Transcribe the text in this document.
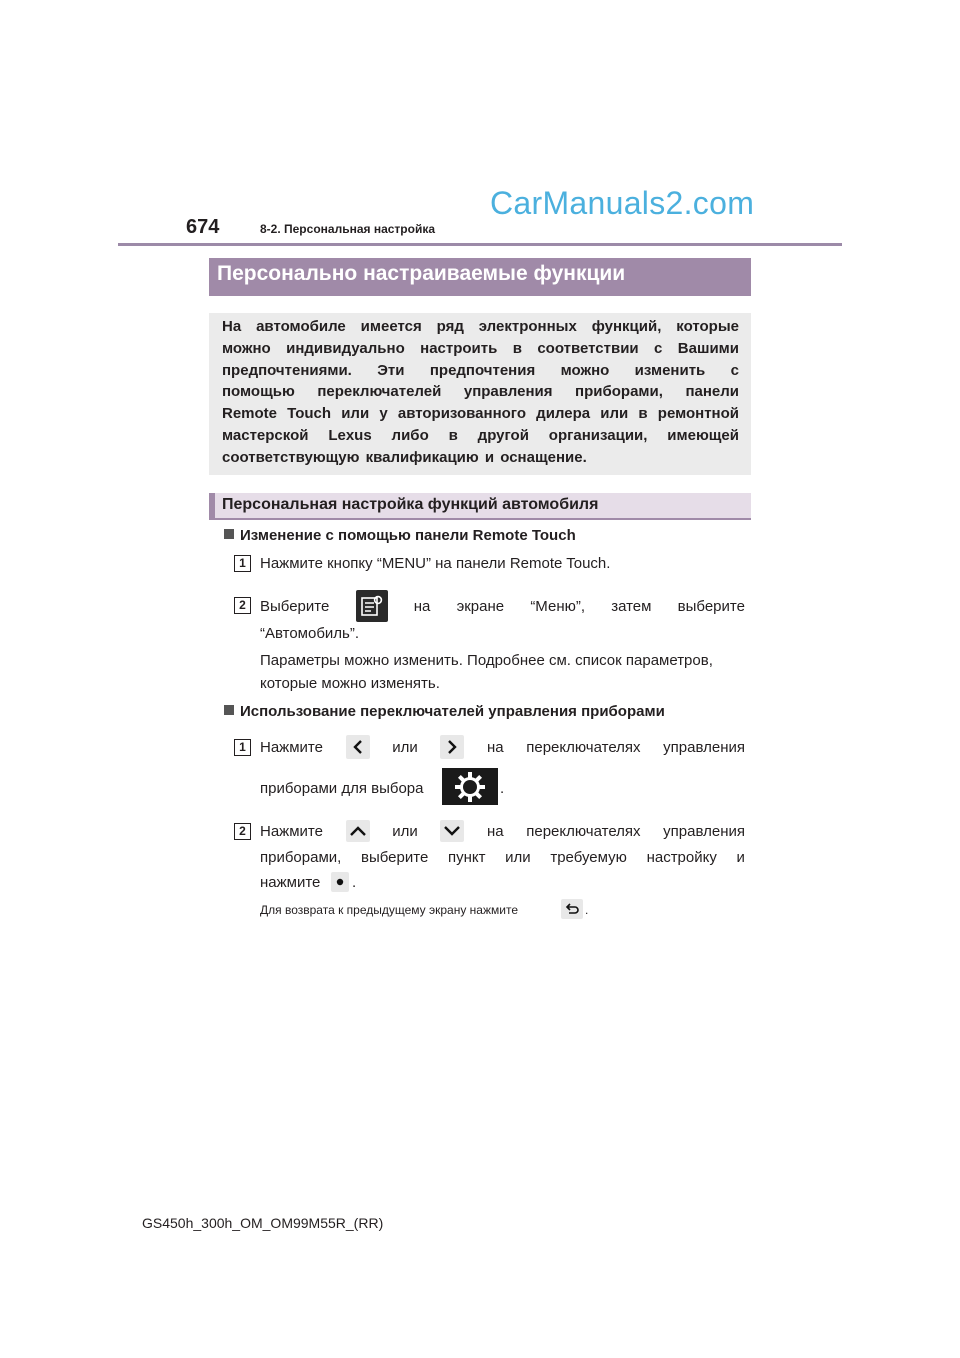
674	8-2. Персональная настройка
CarManuals2.com
Персонально настраиваемые функции
На автомобиле имеется ряд электронных функций, которые
можно индивидуально настроить в соответствии с Вашими
предпочтениями. Эти предпочтения можно изменить с
помощью переключателей управления приборами, панели
Remote Touch или у авторизованного дилера или в ремонтной
мастерской Lexus либо в другой организации, имеющей
соответствующую квалификацию и оснащение.
Персональная настройка функций автомобиля
Изменение с помощью панели Remote Touch
1 Нажмите кнопку “MENU” на панели Remote Touch.
2 Выберите	на экране “Меню”, затем выберите
“Автомобиль”.
Параметры можно изменить. Подробнее см. список параметров,
которые можно изменять.
Использование переключателей управления приборами
1 Нажмите	или	на переключателях управления
приборами для выбора	.
2 Нажмите	или	на переключателях управления
приборами, выберите пункт или требуемую настройку и
нажмите .
Для возврата к предыдущему экрану нажмите	.
GS450h_300h_OM_OM99M55R_(RR)
